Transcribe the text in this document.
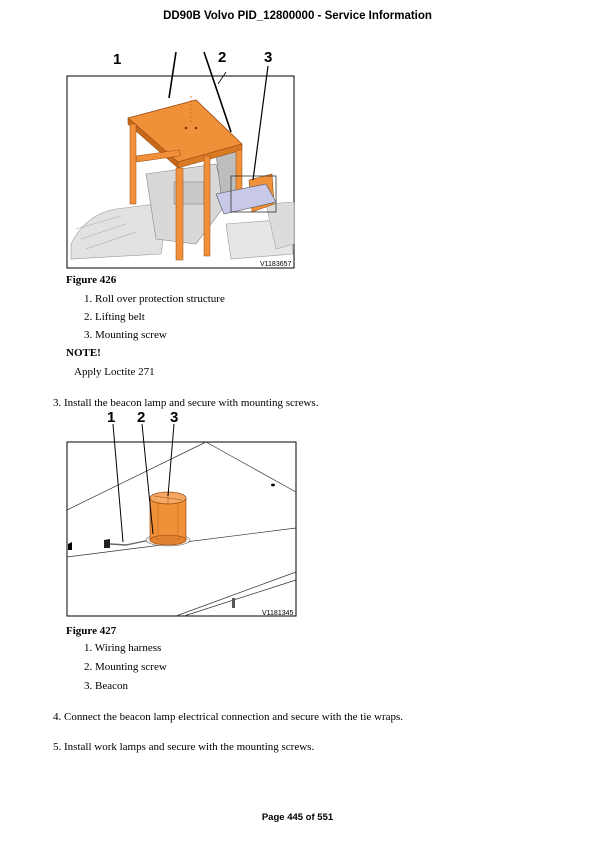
DD90B Volvo PID_12800000 - Service Information
1	2	3
V1183657
Figure 426
1. Roll over protection structure
2. Lifting belt
3. Mounting screw
NOTE!
Apply Loctite 271
3. Install the beacon lamp and secure with mounting screws.
1 2 3
V1181345
Figure 427
1. Wiring harness
2. Mounting screw
3. Beacon
4. Connect the beacon lamp electrical connection and secure with the tie wraps.
5. Install work lamps and secure with the mounting screws.
Page 445 of 551
